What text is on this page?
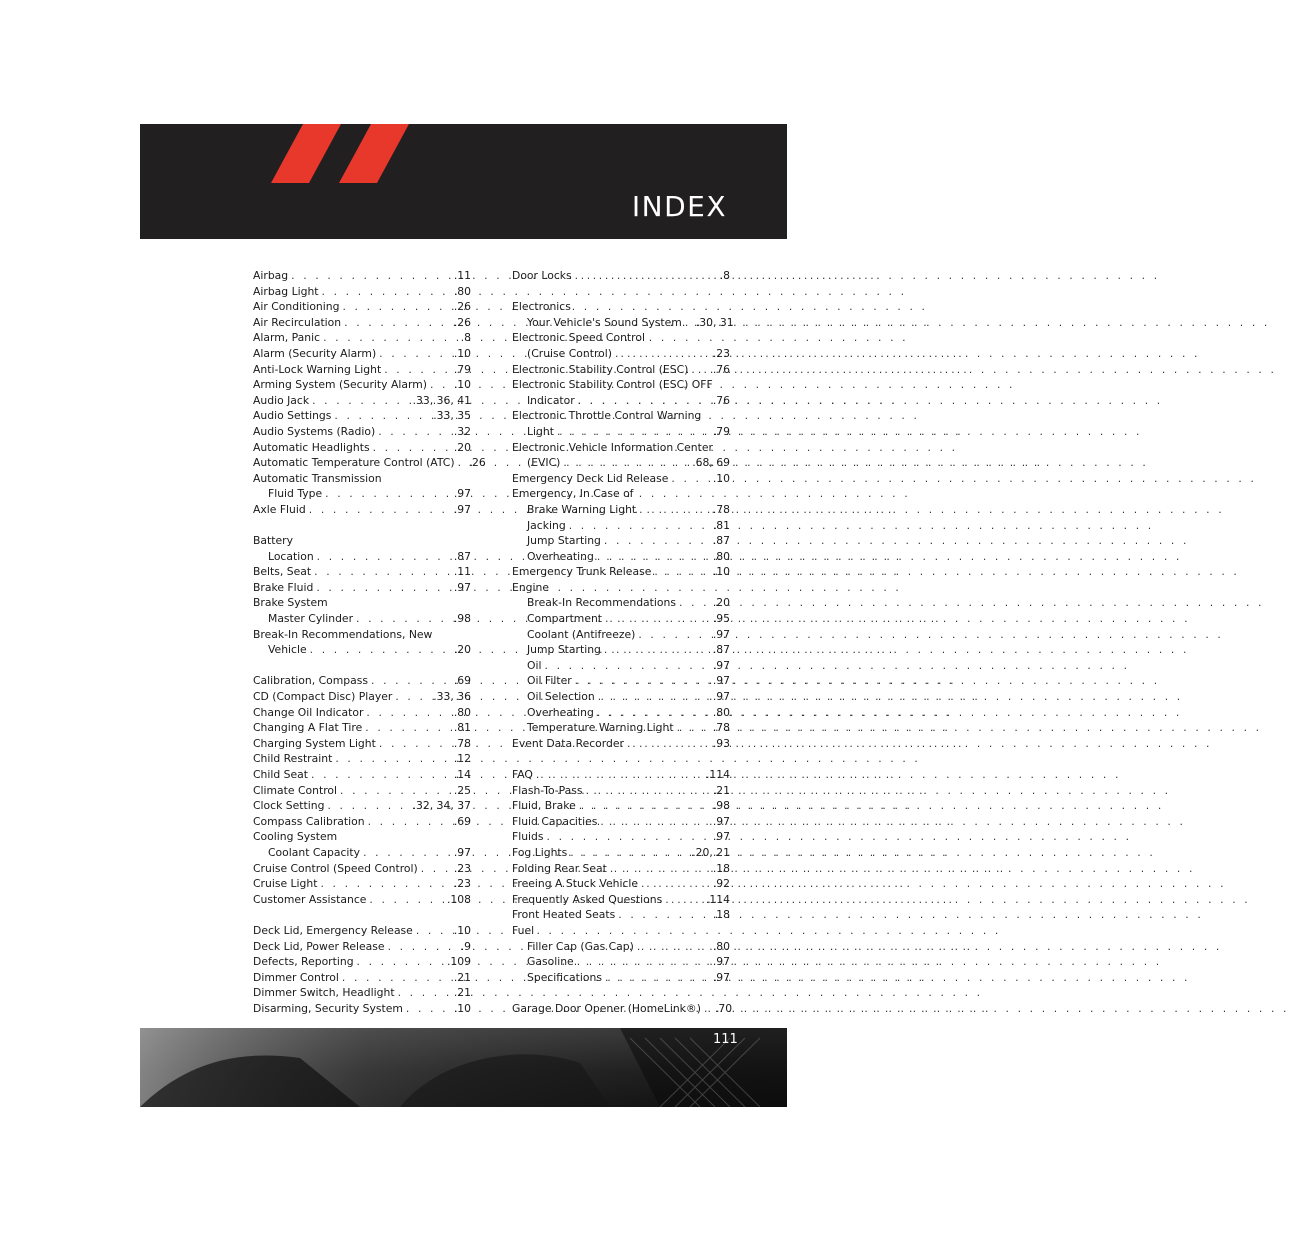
INDEX
Airbag . . .	.11
Airbag Light . . .	.80
Air Conditioning . . .	.26
Air Recirculation . . .	.26
Alarm, Panic . . .	.8
Alarm (Security Alarm) . . .	.10
Anti-Lock Warning Light . . .	.79
Arming System (Security Alarm) . . . .10
Audio Jack . . .	.33, 36, 41
Audio Settings . . .	.33, 35
Audio Systems (Radio) . . .	.32
Automatic Headlights . . .	.20
Automatic Temperature Control (ATC) . . . .26
Automatic Transmission
Fluid Type . . .	.97
Axle Fluid . . .	.97
Battery
Location . . .	.87
Belts, Seat . . .	.11
Brake Fluid . . .	.97
Brake System
Master Cylinder . . .	.98
Break-In Recommendations, New
Vehicle . . .	.20
Calibration, Compass . . .	.69
CD (Compact Disc) Player . . .	.33, 36
Change Oil Indicator . . .	.80
Changing A Flat Tire . . .	.81
Charging System Light . . .	.78
Child Restraint . . .	.12
Child Seat . . .	.14
Climate Control . . .	.25
Clock Setting . . .	.32, 34, 37
Compass Calibration . . .	.69
Cooling System
Coolant Capacity . . .	.97
Cruise Control (Speed Control) . . .	.23
Cruise Light . . .	.23
Customer Assistance . . .	.108
Deck Lid, Emergency Release . . .	.10
Deck Lid, Power Release . . .	.9
Defects, Reporting . . .	.109
Dimmer Control . . .	.21
Dimmer Switch, Headlight . . .	.21
Disarming, Security System . . .	.10
Door Locks . . .	.8
Electronics
Your Vehicle's Sound System . . . .30, 31
Electronic Speed Control
(Cruise Control) . . .	.23
Electronic Stability Control (ESC) . . . .76
Electronic Stability Control (ESC) OFF
Indicator . . .	.76
Electronic Throttle Control Warning
Light . . .	.79
Electronic Vehicle Information Center
(EVIC) . . .	.68, 69
Emergency Deck Lid Release . . .	.10
Emergency, In Case of
Brake Warning Light . . .	.78
Jacking . . .	.81
Jump Starting . . .	.87
Overheating . . .	.80
Emergency Trunk Release . . .	.10
Engine
Break-In Recommendations . . .	.20
Compartment . . .	.95
Coolant (Antifreeze) . . .	.97
Jump Starting . . .	.87
Oil . . .	.97
Oil Filter . . .	.97
Oil Selection . . .	.97
Overheating . . .	.80
Temperature Warning Light . . .	.78
Event Data Recorder . . .	.93
FAQ . . .	.114
Flash-To-Pass . . .	.21
Fluid, Brake . . .	.98
Fluid Capacities . . .	.97
Fluids . . .	.97
Fog Lights . . .	.20, 21
Folding Rear Seat . . .	.18
Freeing A Stuck Vehicle . . .	.92
Frequently Asked Questions . . .	.114
Front Heated Seats . . .	.18
Fuel
Filler Cap (Gas Cap) . . .	.80
Gasoline . . .	.97
Specifications . . .	.97
Garage Door Opener (HomeLink®) . . . .70
111
